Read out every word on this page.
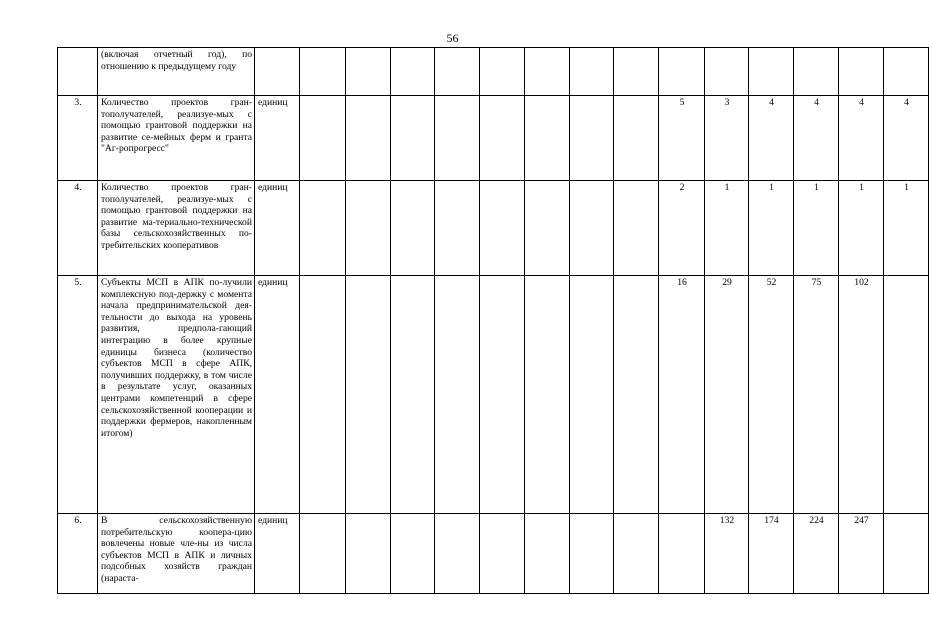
56
	(включая отчетный год), по отношению к предыдущему году															
3.	Количество проектов гран-тополучателей, реализуе-мых с помощью грантовой поддержки на развитие се-мейных ферм и гранта "Аг-ропрогресс"	единиц									5	3	4	4	4	4
4.	Количество проектов гран-тополучателей, реализуе-мых с помощью грантовой поддержки на развитие ма-териально-технической базы сельскохозяйственных по-требительских кооперативов	единиц									2	1	1	1	1	1
5.	Субъекты МСП в АПК по-лучили комплексную под-держку с момента начала предпринимательской дея-тельности до выхода на уровень развития, предпола-гающий интеграцию в более крупные единицы бизнеса (количество субъектов МСП в сфере АПК, получивших поддержку, в том числе в результате услуг, оказанных центрами компетенций в сфере сельскохозяйственной кооперации и поддержки фермеров, накопленным итогом)	единиц									16	29	52	75	102	
6.	В сельскохозяйственную потребительскую коопера-цию вовлечены новые чле-ны из числа субъектов МСП в АПК и личных подсобных хозяйств граждан (нараста-	единиц										132	174	224	247	
